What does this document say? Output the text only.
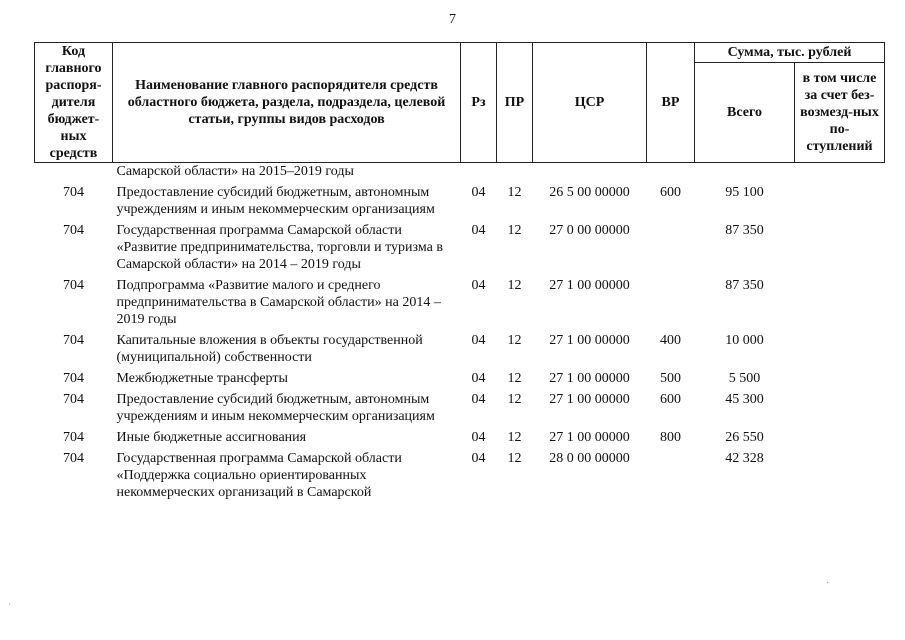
7
Код главного распоря-дителя бюджет-ных средств	Наименование главного распорядителя средств областного бюджета, раздела, подраздела, целевой статьи, группы видов расходов	Рз	ПР	ЦСР	ВР	Сумма, тыс. рублей	
						Всего	в том числе за счет без-возмезд-ных по-ступлений
	Самарской области» на 2015–2019 годы						
704	Предоставление субсидий бюджетным, автономным учреждениям и иным некоммерческим организациям	04	12	26 5 00 00000	600	95 100	
704	Государственная программа Самарской области «Развитие предпринимательства, торговли и туризма в Самарской области» на 2014 – 2019 годы	04	12	27 0 00 00000		87 350	
704	Подпрограмма «Развитие малого и среднего предпринимательства в Самарской области» на 2014 – 2019 годы	04	12	27 1 00 00000		87 350	
704	Капитальные вложения в объекты государственной (муниципальной) собственности	04	12	27 1 00 00000	400	10 000	
704	Межбюджетные трансферты	04	12	27 1 00 00000	500	5 500	
704	Предоставление субсидий бюджетным, автономным учреждениям и иным некоммерческим организациям	04	12	27 1 00 00000	600	45 300	
704	Иные бюджетные ассигнования	04	12	27 1 00 00000	800	26 550	
704	Государственная программа Самарской области «Поддержка социально ориентированных некоммерческих организаций в Самарской	04	12	28 0 00 00000		42 328	
·
·
